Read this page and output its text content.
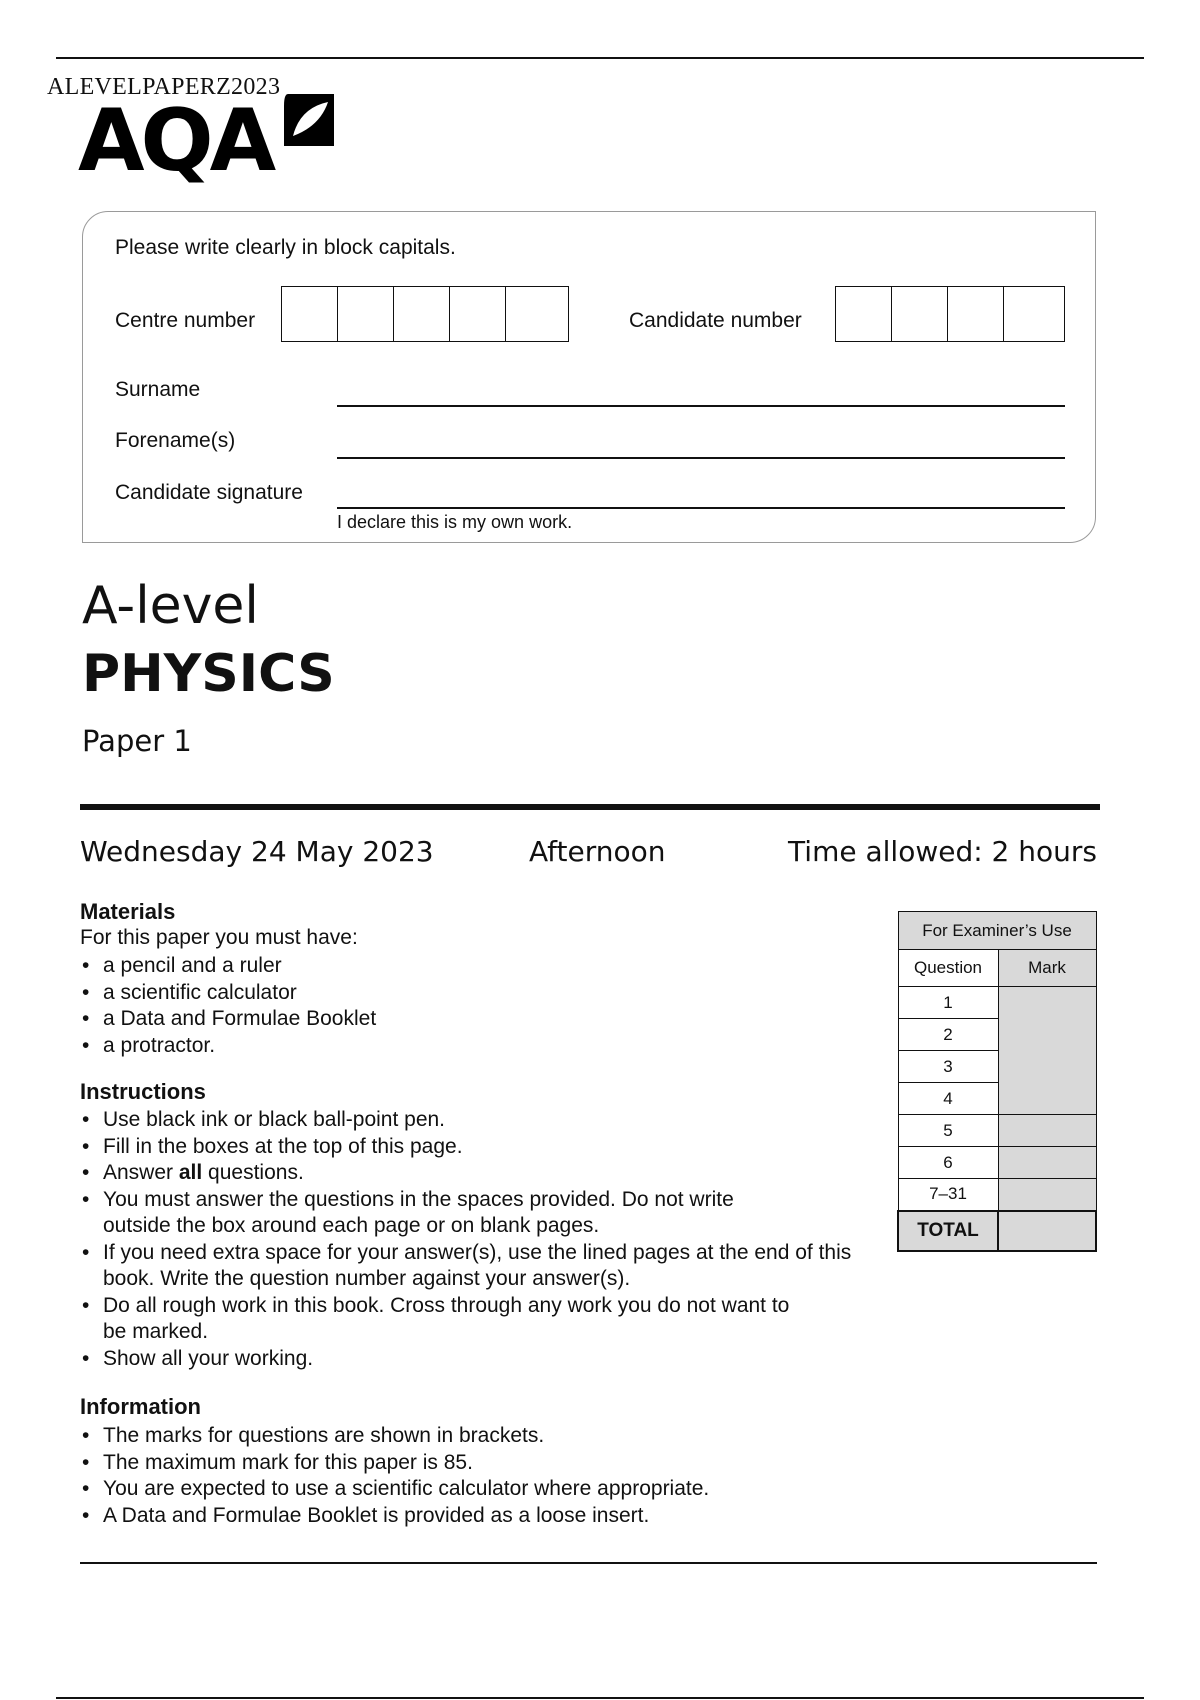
ALEVELPAPERZ2023
AQA
Please write clearly in block capitals.
Centre number	Candidate number
Surname
Forename(s)
Candidate signature
I declare this is my own work.
A-level
PHYSICS
Paper 1
Wednesday 24 May 2023	Afternoon	Time allowed: 2 hours
Materials
For this paper you must have:
• a pencil and a ruler
• a scientific calculator
• a Data and Formulae Booklet
• a protractor.
Instructions
• Use black ink or black ball-point pen.
• Fill in the boxes at the top of this page.
• Answer all questions.
• You must answer the questions in the spaces provided. Do not write outside the box around each page or on blank pages.
• If you need extra space for your answer(s), use the lined pages at the end of this book. Write the question number against your answer(s).
• Do all rough work in this book. Cross through any work you do not want to be marked.
• Show all your working.
Information
• The marks for questions are shown in brackets.
• The maximum mark for this paper is 85.
• You are expected to use a scientific calculator where appropriate.
• A Data and Formulae Booklet is provided as a loose insert.
For Examiner’s Use	
Question	Mark
1	
2	
3	
4	
5	
6	
7–31	
TOTAL	
